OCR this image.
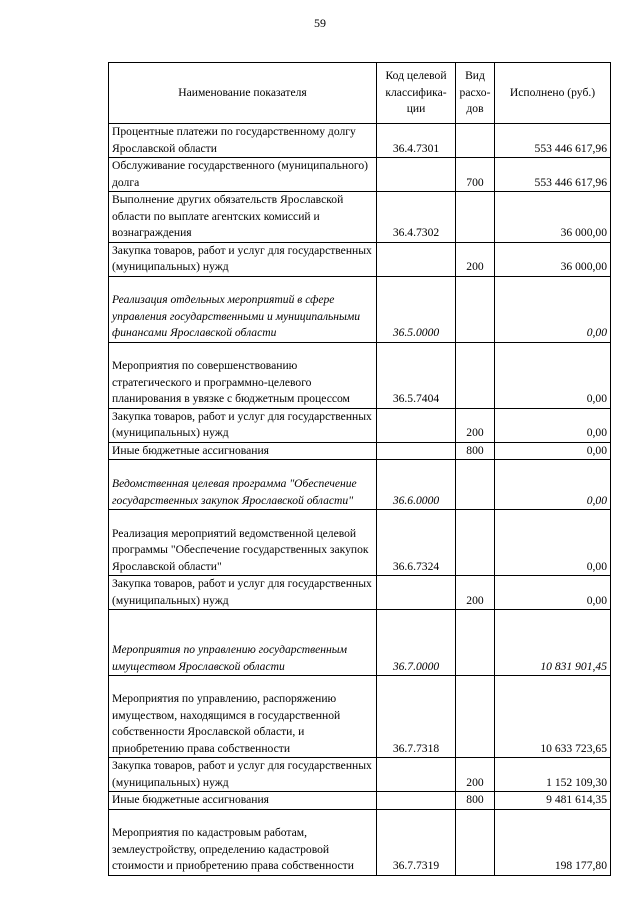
59
Наименование показателя	Код целевой классифика-ции	Вид расхо-дов	Исполнено (руб.)
Процентные платежи по государственному долгу Ярославской области	36.4.7301		553 446 617,96
Обслуживание государственного (муниципального) долга		700	553 446 617,96
Выполнение других обязательств Ярославской области по выплате агентских комиссий и вознаграждения	36.4.7302		36 000,00
Закупка товаров, работ и услуг для государственных (муниципальных) нужд		200	36 000,00
Реализация отдельных мероприятий в сфере управления государственными и муниципальными финансами Ярославской области	36.5.0000		0,00
Мероприятия по совершенствованию стратегического и программно-целевого планирования в увязке с бюджетным процессом	36.5.7404		0,00
Закупка товаров, работ и услуг для государственных (муниципальных) нужд		200	0,00
Иные бюджетные ассигнования		800	0,00
Ведомственная целевая программа "Обеспечение государственных закупок Ярославской области"	36.6.0000		0,00
Реализация мероприятий ведомственной целевой программы "Обеспечение государственных закупок Ярославской области"	36.6.7324		0,00
Закупка товаров, работ и услуг для государственных (муниципальных) нужд		200	0,00
Мероприятия по управлению государственным имуществом Ярославской области	36.7.0000		10 831 901,45
Мероприятия по управлению, распоряжению имуществом, находящимся в государственной собственности Ярославской области, и приобретению права собственности	36.7.7318		10 633 723,65
Закупка товаров, работ и услуг для государственных (муниципальных) нужд		200	1 152 109,30
Иные бюджетные ассигнования		800	9 481 614,35
Мероприятия по кадастровым работам, землеустройству, определению кадастровой стоимости и приобретению права собственности	36.7.7319		198 177,80
